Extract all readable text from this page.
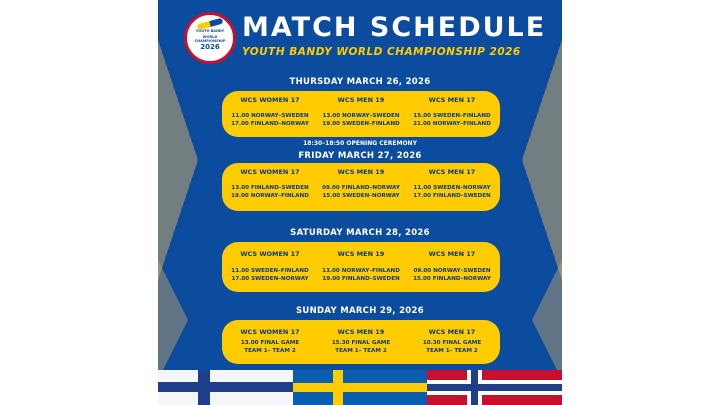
YOUTH BANDY
WORLD CHAMPIONSHIP
2026
MATCH SCHEDULE
YOUTH BANDY WORLD CHAMPIONSHIP 2026
THURSDAY MARCH 26, 2026
WCS WOMEN 17
11.00 NORWAY–SWEDEN
17.00 FINLAND–NORWAY
WCS MEN 19
13.00 NORWAY–SWEDEN
19.00 SWEDEN–FINLAND
WCS MEN 17
15.00 SWEDEN–FINLAND
21.00 NORWAY–FINLAND
18:30–18:50 OPENING CEREMONY
FRIDAY MARCH 27, 2026
WCS WOMEN 17
13.00 FINLAND–SWEDEN
19.00 NORWAY–FINLAND
WCS MEN 19
09.00 FINLAND–NORWAY
15.00 SWEDEN–NORWAY
WCS MEN 17
11.00 SWEDEN–NORWAY
17.00 FINLAND–SWEDEN
SATURDAY MARCH 28, 2026
WCS WOMEN 17
11.00 SWEDEN–FINLAND
17.00 SWEDEN–NORWAY
WCS MEN 19
13.00 NORWAY–FINLAND
19.00 FINLAND–SWEDEN
WCS MEN 17
09.00 NORWAY–SWEDEN
15.00 FINLAND–NORWAY
SUNDAY MARCH 29, 2026
WCS WOMEN 17
13.00 FINAL GAME
TEAM 1– TEAM 2
WCS MEN 19
15.30 FINAL GAME
TEAM 1– TEAM 2
WCS MEN 17
10.30 FINAL GAME
TEAM 1– TEAM 2
